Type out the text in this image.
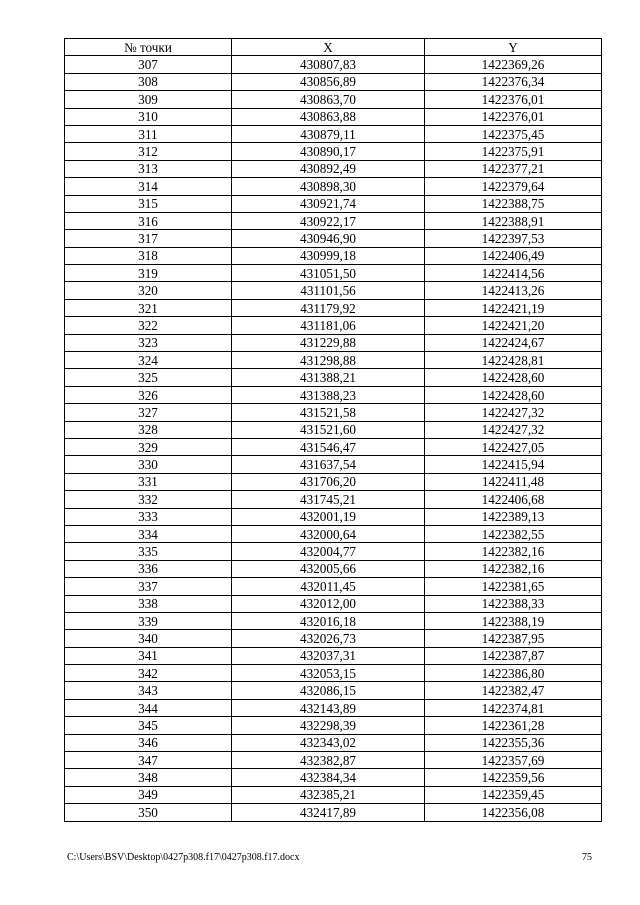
№ точки	X	Y
307	430807,83	1422369,26
308	430856,89	1422376,34
309	430863,70	1422376,01
310	430863,88	1422376,01
311	430879,11	1422375,45
312	430890,17	1422375,91
313	430892,49	1422377,21
314	430898,30	1422379,64
315	430921,74	1422388,75
316	430922,17	1422388,91
317	430946,90	1422397,53
318	430999,18	1422406,49
319	431051,50	1422414,56
320	431101,56	1422413,26
321	431179,92	1422421,19
322	431181,06	1422421,20
323	431229,88	1422424,67
324	431298,88	1422428,81
325	431388,21	1422428,60
326	431388,23	1422428,60
327	431521,58	1422427,32
328	431521,60	1422427,32
329	431546,47	1422427,05
330	431637,54	1422415,94
331	431706,20	1422411,48
332	431745,21	1422406,68
333	432001,19	1422389,13
334	432000,64	1422382,55
335	432004,77	1422382,16
336	432005,66	1422382,16
337	432011,45	1422381,65
338	432012,00	1422388,33
339	432016,18	1422388,19
340	432026,73	1422387,95
341	432037,31	1422387,87
342	432053,15	1422386,80
343	432086,15	1422382,47
344	432143,89	1422374,81
345	432298,39	1422361,28
346	432343,02	1422355,36
347	432382,87	1422357,69
348	432384,34	1422359,56
349	432385,21	1422359,45
350	432417,89	1422356,08
C:\Users\BSV\Desktop\0427p308.f17\0427p308.f17.docx	75
